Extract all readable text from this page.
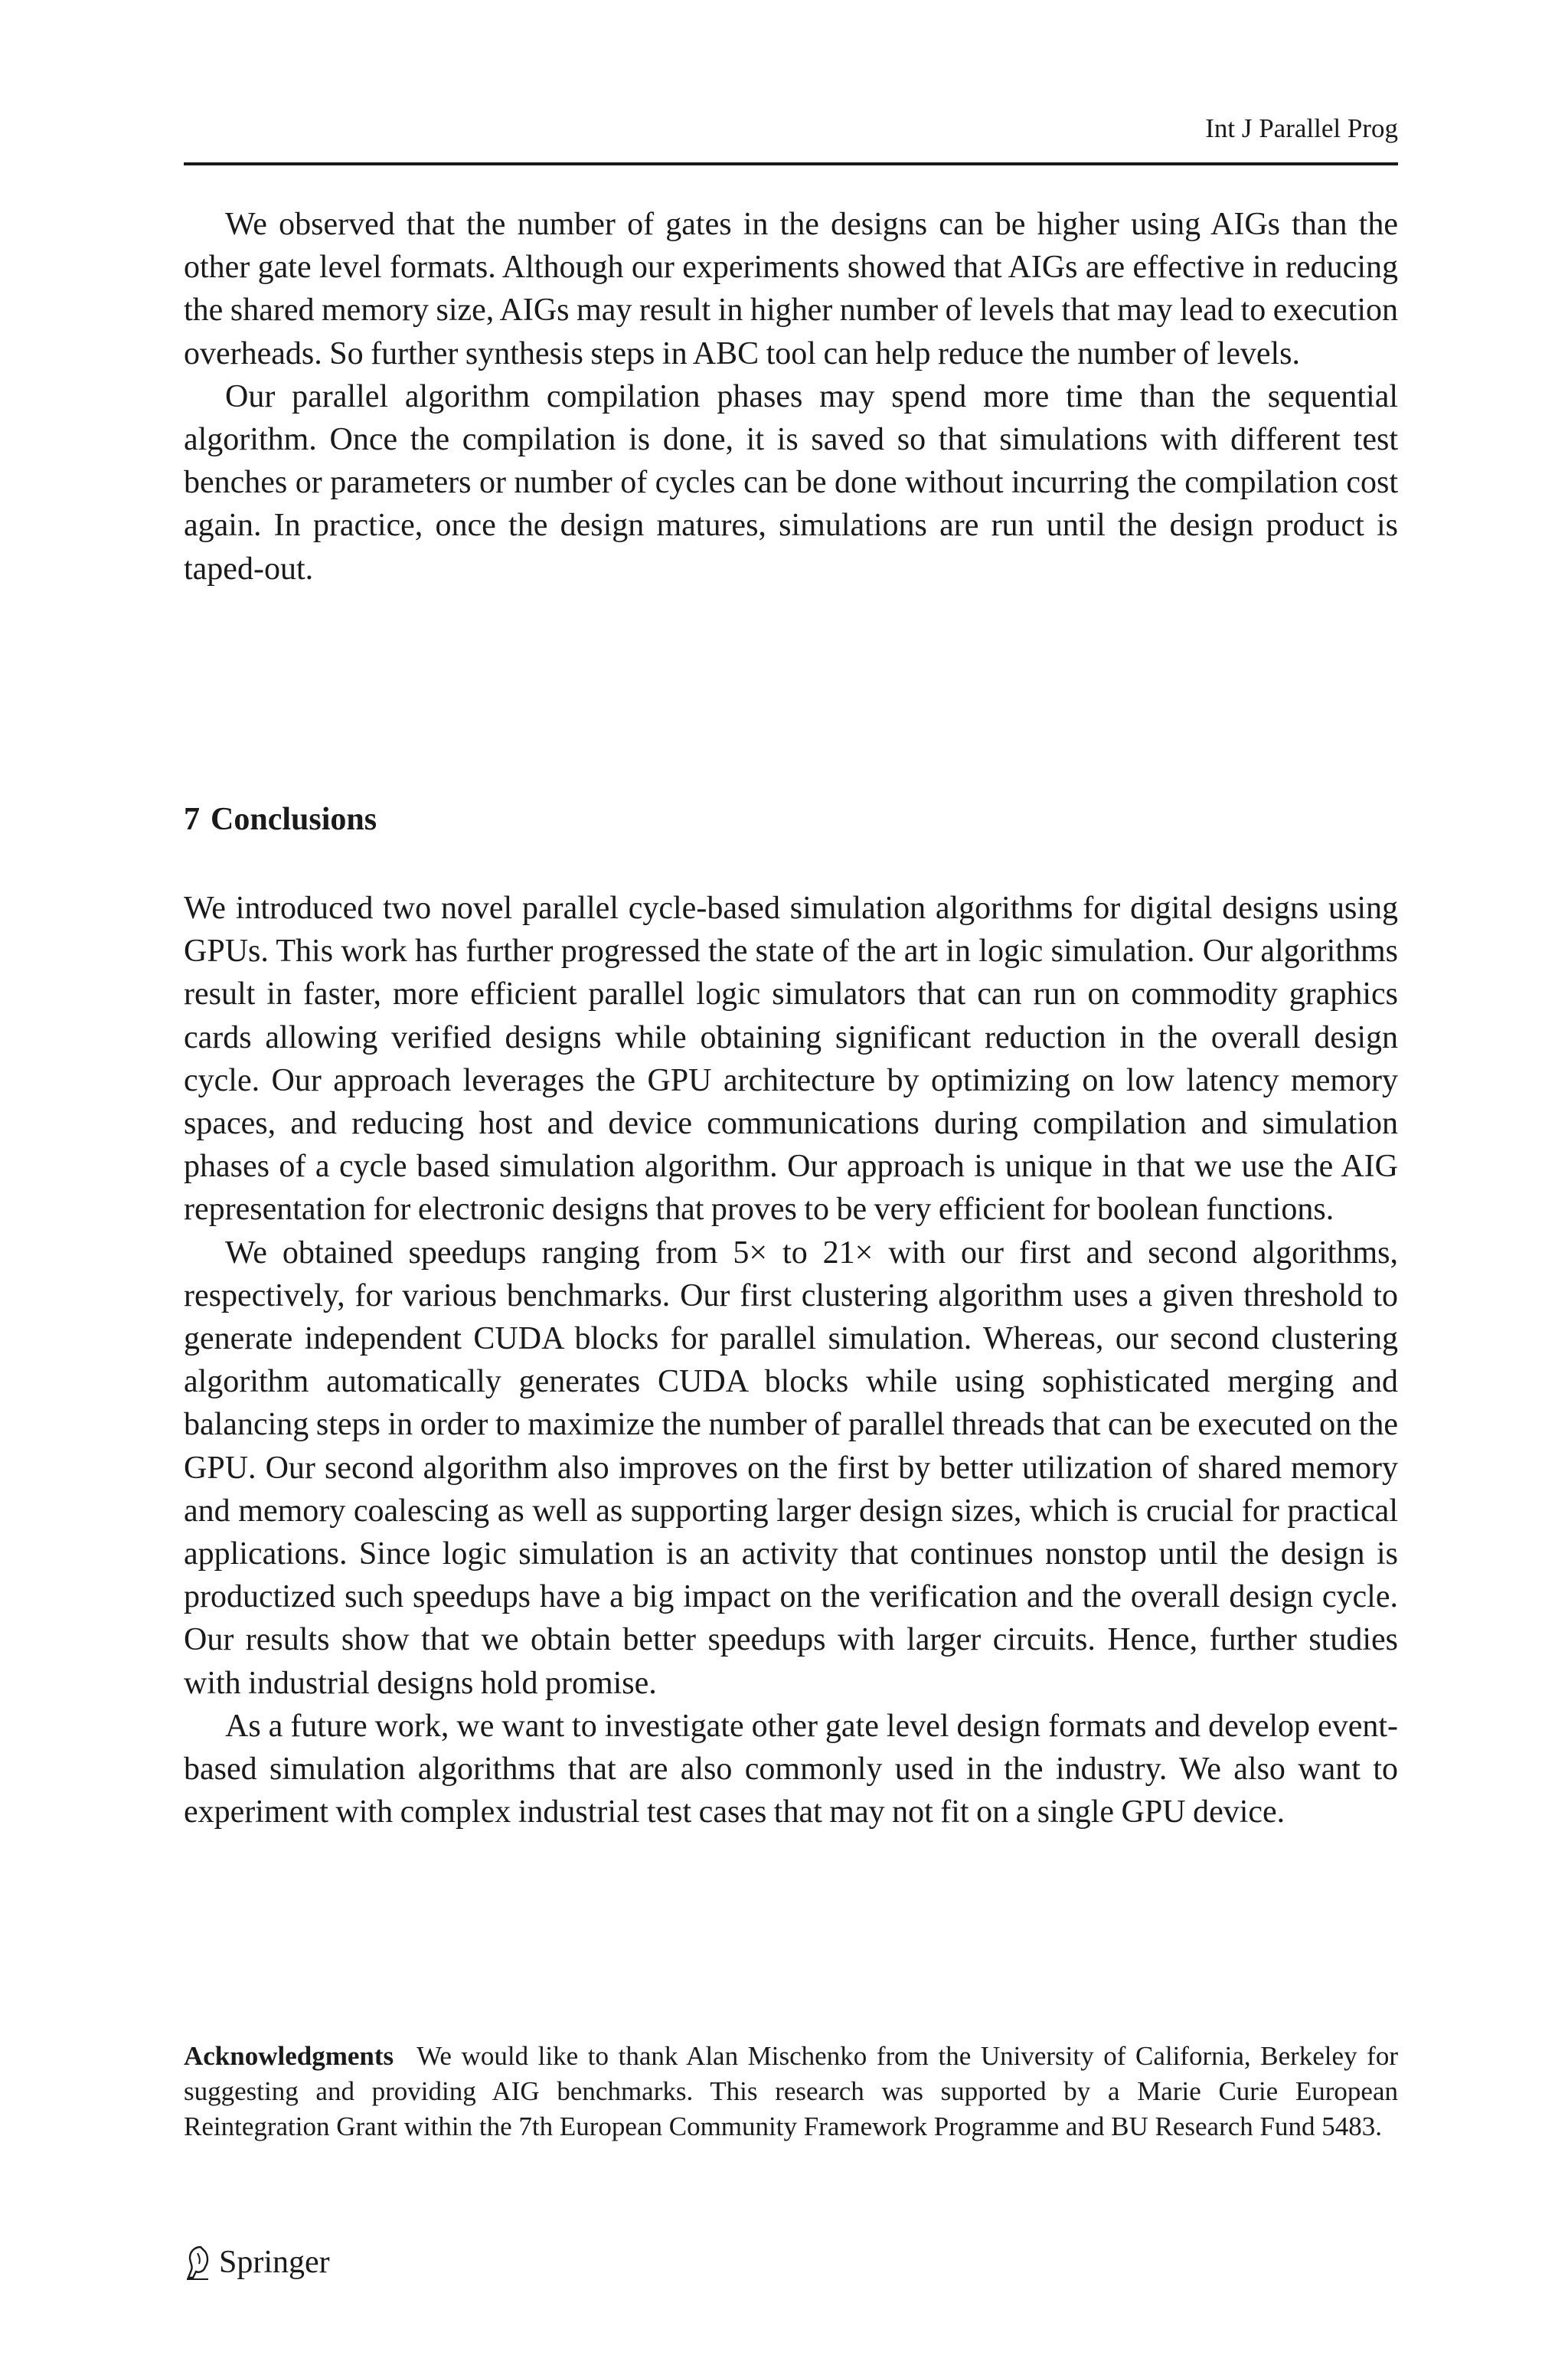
Int J Parallel Prog

We observed that the number of gates in the designs can be higher using AIGs than the other gate level formats. Although our experiments showed that AIGs are effective in reducing the shared memory size, AIGs may result in higher number of levels that may lead to execution overheads. So further synthesis steps in ABC tool can help reduce the number of levels.

Our parallel algorithm compilation phases may spend more time than the sequential algorithm. Once the compilation is done, it is saved so that simulations with different test benches or parameters or number of cycles can be done without incurring the compilation cost again. In practice, once the design matures, simulations are run until the design product is taped-out.

7 Conclusions

We introduced two novel parallel cycle-based simulation algorithms for digital designs using GPUs. This work has further progressed the state of the art in logic simulation. Our algorithms result in faster, more efficient parallel logic simulators that can run on commodity graphics cards allowing verified designs while obtaining significant reduction in the overall design cycle. Our approach leverages the GPU architecture by optimizing on low latency memory spaces, and reducing host and device communications during compilation and simulation phases of a cycle based simulation algorithm. Our approach is unique in that we use the AIG representation for electronic designs that proves to be very efficient for boolean functions.

We obtained speedups ranging from 5× to 21× with our first and second algorithms, respectively, for various benchmarks. Our first clustering algorithm uses a given threshold to generate independent CUDA blocks for parallel simulation. Whereas, our second clustering algorithm automatically generates CUDA blocks while using sophisticated merging and balancing steps in order to maximize the number of parallel threads that can be executed on the GPU. Our second algorithm also improves on the first by better utilization of shared memory and memory coalescing as well as supporting larger design sizes, which is crucial for practical applications. Since logic simulation is an activity that continues nonstop until the design is productized such speedups have a big impact on the verification and the overall design cycle. Our results show that we obtain better speedups with larger circuits. Hence, further studies with industrial designs hold promise.

As a future work, we want to investigate other gate level design formats and develop event-based simulation algorithms that are also commonly used in the industry. We also want to experiment with complex industrial test cases that may not fit on a single GPU device.

Acknowledgments We would like to thank Alan Mischenko from the University of California, Berkeley for suggesting and providing AIG benchmarks. This research was supported by a Marie Curie European Reintegration Grant within the 7th European Community Framework Programme and BU Research Fund 5483.

Springer
